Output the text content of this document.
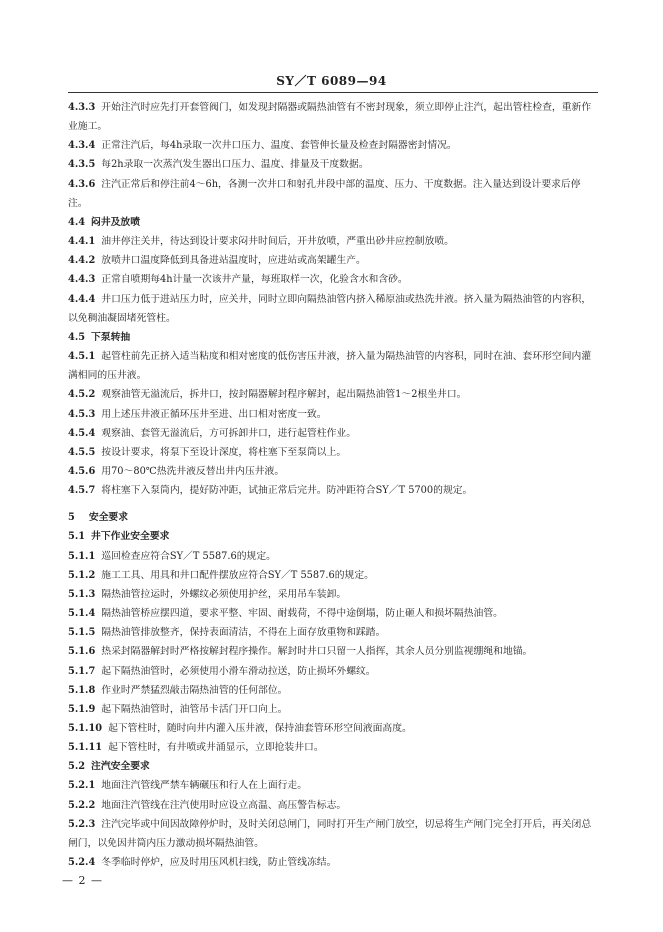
SY／T 6089—94

4.3.3 开始注汽时应先打开套管阀门，如发现封隔器或隔热油管有不密封现象，须立即停止注汽，起出管柱检查，重新作业施工。

4.3.4 正常注汽后，每4h录取一次井口压力、温度、套管伸长量及检查封隔器密封情况。

4.3.5 每2h录取一次蒸汽发生器出口压力、温度、排量及干度数据。

4.3.6 注汽正常后和停注前4～6h，各测一次井口和射孔井段中部的温度、压力、干度数据。注入量达到设计要求后停注。

4.4 闷井及放喷

4.4.1 油井停注关井，待达到设计要求闷井时间后，开井放喷，严重出砂井应控制放喷。

4.4.2 放喷井口温度降低到具备进站温度时，应进站或高架罐生产。

4.4.3 正常自喷期每4h计量一次该井产量，每班取样一次，化验含水和含砂。

4.4.4 井口压力低于进站压力时，应关井，同时立即向隔热油管内挤入稀原油或热洗井液。挤入量为隔热油管的内容积，以免稠油凝固堵死管柱。

4.5 下泵转抽

4.5.1 起管柱前先正挤入适当粘度和相对密度的低伤害压井液，挤入量为隔热油管的内容积，同时在油、套环形空间内灌满相同的压井液。

4.5.2 观察油管无溢流后，拆井口，按封隔器解封程序解封，起出隔热油管1～2根坐井口。

4.5.3 用上述压井液正循环压井至进、出口相对密度一致。

4.5.4 观察油、套管无溢流后，方可拆卸井口，进行起管柱作业。

4.5.5 按设计要求，将泵下至设计深度，将柱塞下至泵筒以上。

4.5.6 用70～80℃热洗井液反替出井内压井液。

4.5.7 将柱塞下入泵筒内，提好防冲距，试抽正常后完井。防冲距符合SY／T 5700的规定。

5 安全要求

5.1 井下作业安全要求

5.1.1 巡回检查应符合SY／T 5587.6的规定。

5.1.2 施工工具、用具和井口配件摆放应符合SY／T 5587.6的规定。

5.1.3 隔热油管拉运时，外螺纹必须使用护丝，采用吊车装卸。

5.1.4 隔热油管桥应摆四道，要求平整、牢固、耐载荷，不得中途倒塌，防止砸人和损坏隔热油管。

5.1.5 隔热油管排放整齐，保持表面清洁，不得在上面存放重物和踩踏。

5.1.6 热采封隔器解封时严格按解封程序操作。解封时井口只留一人指挥，其余人员分别监视绷绳和地锚。

5.1.7 起下隔热油管时，必须使用小滑车滑动拉送，防止损坏外螺纹。

5.1.8 作业时严禁猛烈敲击隔热油管的任何部位。

5.1.9 起下隔热油管时，油管吊卡活门开口向上。

5.1.10 起下管柱时，随时向井内灌入压井液，保持油套管环形空间液面高度。

5.1.11 起下管柱时，有井喷或井涌显示，立即抢装井口。

5.2 注汽安全要求

5.2.1 地面注汽管线严禁车辆碾压和行人在上面行走。

5.2.2 地面注汽管线在注汽使用时应设立高温、高压警告标志。

5.2.3 注汽完毕或中间因故障停炉时，及时关闭总闸门，同时打开生产闸门放空，切忌将生产闸门完全打开后，再关闭总闸门，以免因井筒内压力激动损坏隔热油管。

5.2.4 冬季临时停炉，应及时用压风机扫线，防止管线冻结。

— 2 —
